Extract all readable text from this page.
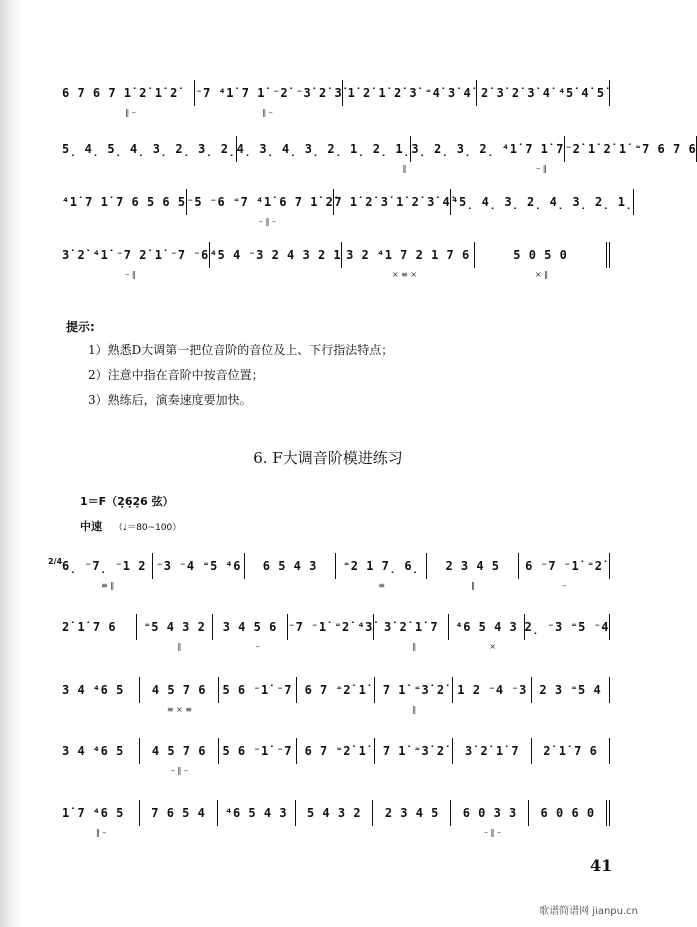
6 7 6 7 1̇ 2̇ 1̇ 2̇	⁻7 ⁴1̇ 7 1̇ ⁻2̇ ⁻3̇ 2̇ 3̇ 1̇ 2̇ 1̇ 2̇ 3̇ ⁼4̇ 3̇ 4̇ 2̇ 3̇ 2̇ 3̇ 4̇ ⁴5̇ 4̇ 5̇
‖ –	‖ –
5̣ 4̣ 5̣ 4̣ 3̣ 2̣ 3̣ 2̣ 4̣ 3̣ 4̣ 3̣ 2̣ 1̣ 2̣ 1̣ 3̣ 2̣ 3̣ 2̣ ⁴1̇ 7 1̇ 7 ⁻2̇ 1̇ 2̇ 1̇ ⁼7 6 7 6
‖	– ‖
⁴1̇ 7 1̇ 7 6 5 6 5 ⁻5 ⁻6 ⁼7 ⁴1̇ 6 7 1̇ 2̇ 7 1̇ 2̇ 3̇ 1̇ 2̇ 3̇ 4̇ ⁴5̣ 4̣ 3̣ 2̣ 4̣ 3̣ 2̣ 1̣
– ‖ –
3̇ 2̇ ⁴1̇ ⁻7 2̇ 1̇ ⁻7 ⁻6 ⁴5 4 ⁻3 2 4 3 2 1 3 2 ⁴1 7 2 1 7 6	5 0 5 0
– ‖	× ≡ ×	× ‖
提示:
1）熟悉D大调第一把位音阶的音位及上、下行指法特点；
2）注意中指在音阶中按音位置；
3）熟练后，演奏速度要加快。
6. F大调音阶模进练习
1＝F（2̣6̣2̣6 弦）
中速 （♩＝80~100）
2/4 6̣ ⁻7̣ ⁻1 2 ⁻3 ⁻4 ⁼5 ⁴6	6 5 4 3	⁼2 1 7̣ 6̣	2 3 4 5	6 ⁻7 ⁻1̇ ⁼2̇
≡ ‖	≡	‖	–
2̇ 1̇ 7 6	⁼5 4 3 2	3 4 5 6 ⁻7 ⁻1̇ ⁼2̇ ⁴3̇ 3̇ 2̇ 1̇ 7	⁴6 5 4 3 2̣ ⁻3 ⁼5 ⁻4
‖	–	‖	×
3 4 ⁴6 5	4 5 7 6	5 6 ⁻1̇ ⁻7	6 7 ⁼2̇ 1̇	7 1̇ ⁼3̇ 2̇	1 2 ⁻4 ⁻3	2 3 ⁼5 4
≡ × ≡	‖
3 4 ⁴6 5	4 5 7 6	5 6 ⁻1̇ ⁻7	6 7 ⁼2̇ 1̇	7 1̇ ⁼3̇ 2̇	3̇ 2̇ 1̇ 7	2̇ 1̇ 7 6
– ‖ –
1̇ 7 ⁴6 5	7 6 5 4	⁴6 5 4 3	5 4 3 2	2 3 4 5	6 0 3 3	6 0 6 0
‖ –	– ‖ –
41
歌谱简谱网 jianpu.cn
